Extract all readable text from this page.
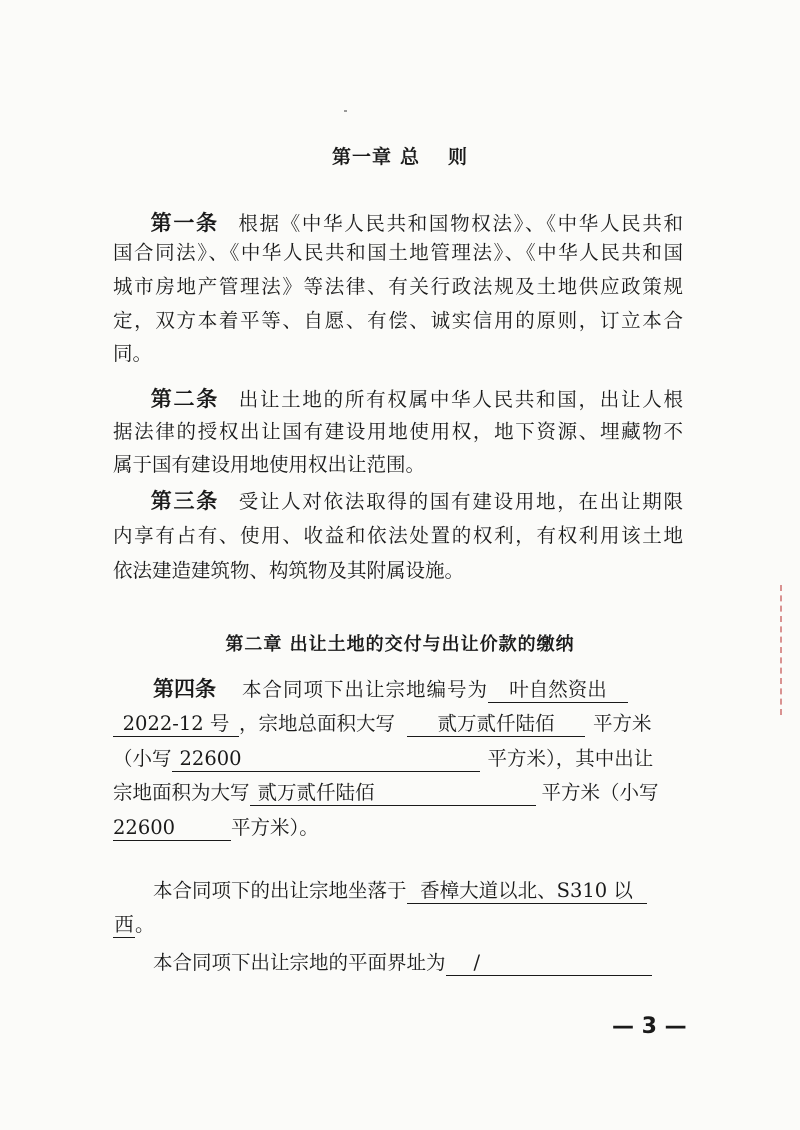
第一章 总 则
第一条 根据《中华人民共和国物权法》、《中华人民共和
国合同法》、《中华人民共和国土地管理法》、《中华人民共和国
城市房地产管理法》等法律、有关行政法规及土地供应政策规
定，双方本着平等、自愿、有偿、诚实信用的原则，订立本合
同。
第二条 出让土地的所有权属中华人民共和国，出让人根
据法律的授权出让国有建设用地使用权，地下资源、埋藏物不
属于国有建设用地使用权出让范围。
第三条 受让人对依法取得的国有建设用地，在出让期限
内享有占有、使用、收益和依法处置的权利，有权利用该土地
依法建造建筑物、构筑物及其附属设施。
第二章 出让土地的交付与出让价款的缴纳
第四条 本合同项下出让宗地编号为 叶自然资出
2022-12 号 ，宗地总面积大写 贰万贰仟陆佰 平方米
（小写 22600	平方米），其中出让
宗地面积为大写 贰万贰仟陆佰	平方米（小写
22600	平方米）。
本合同项下的出让宗地坐落于 香樟大道以北、S310 以
西。
本合同项下出让宗地的平面界址为 /
— 3 —
